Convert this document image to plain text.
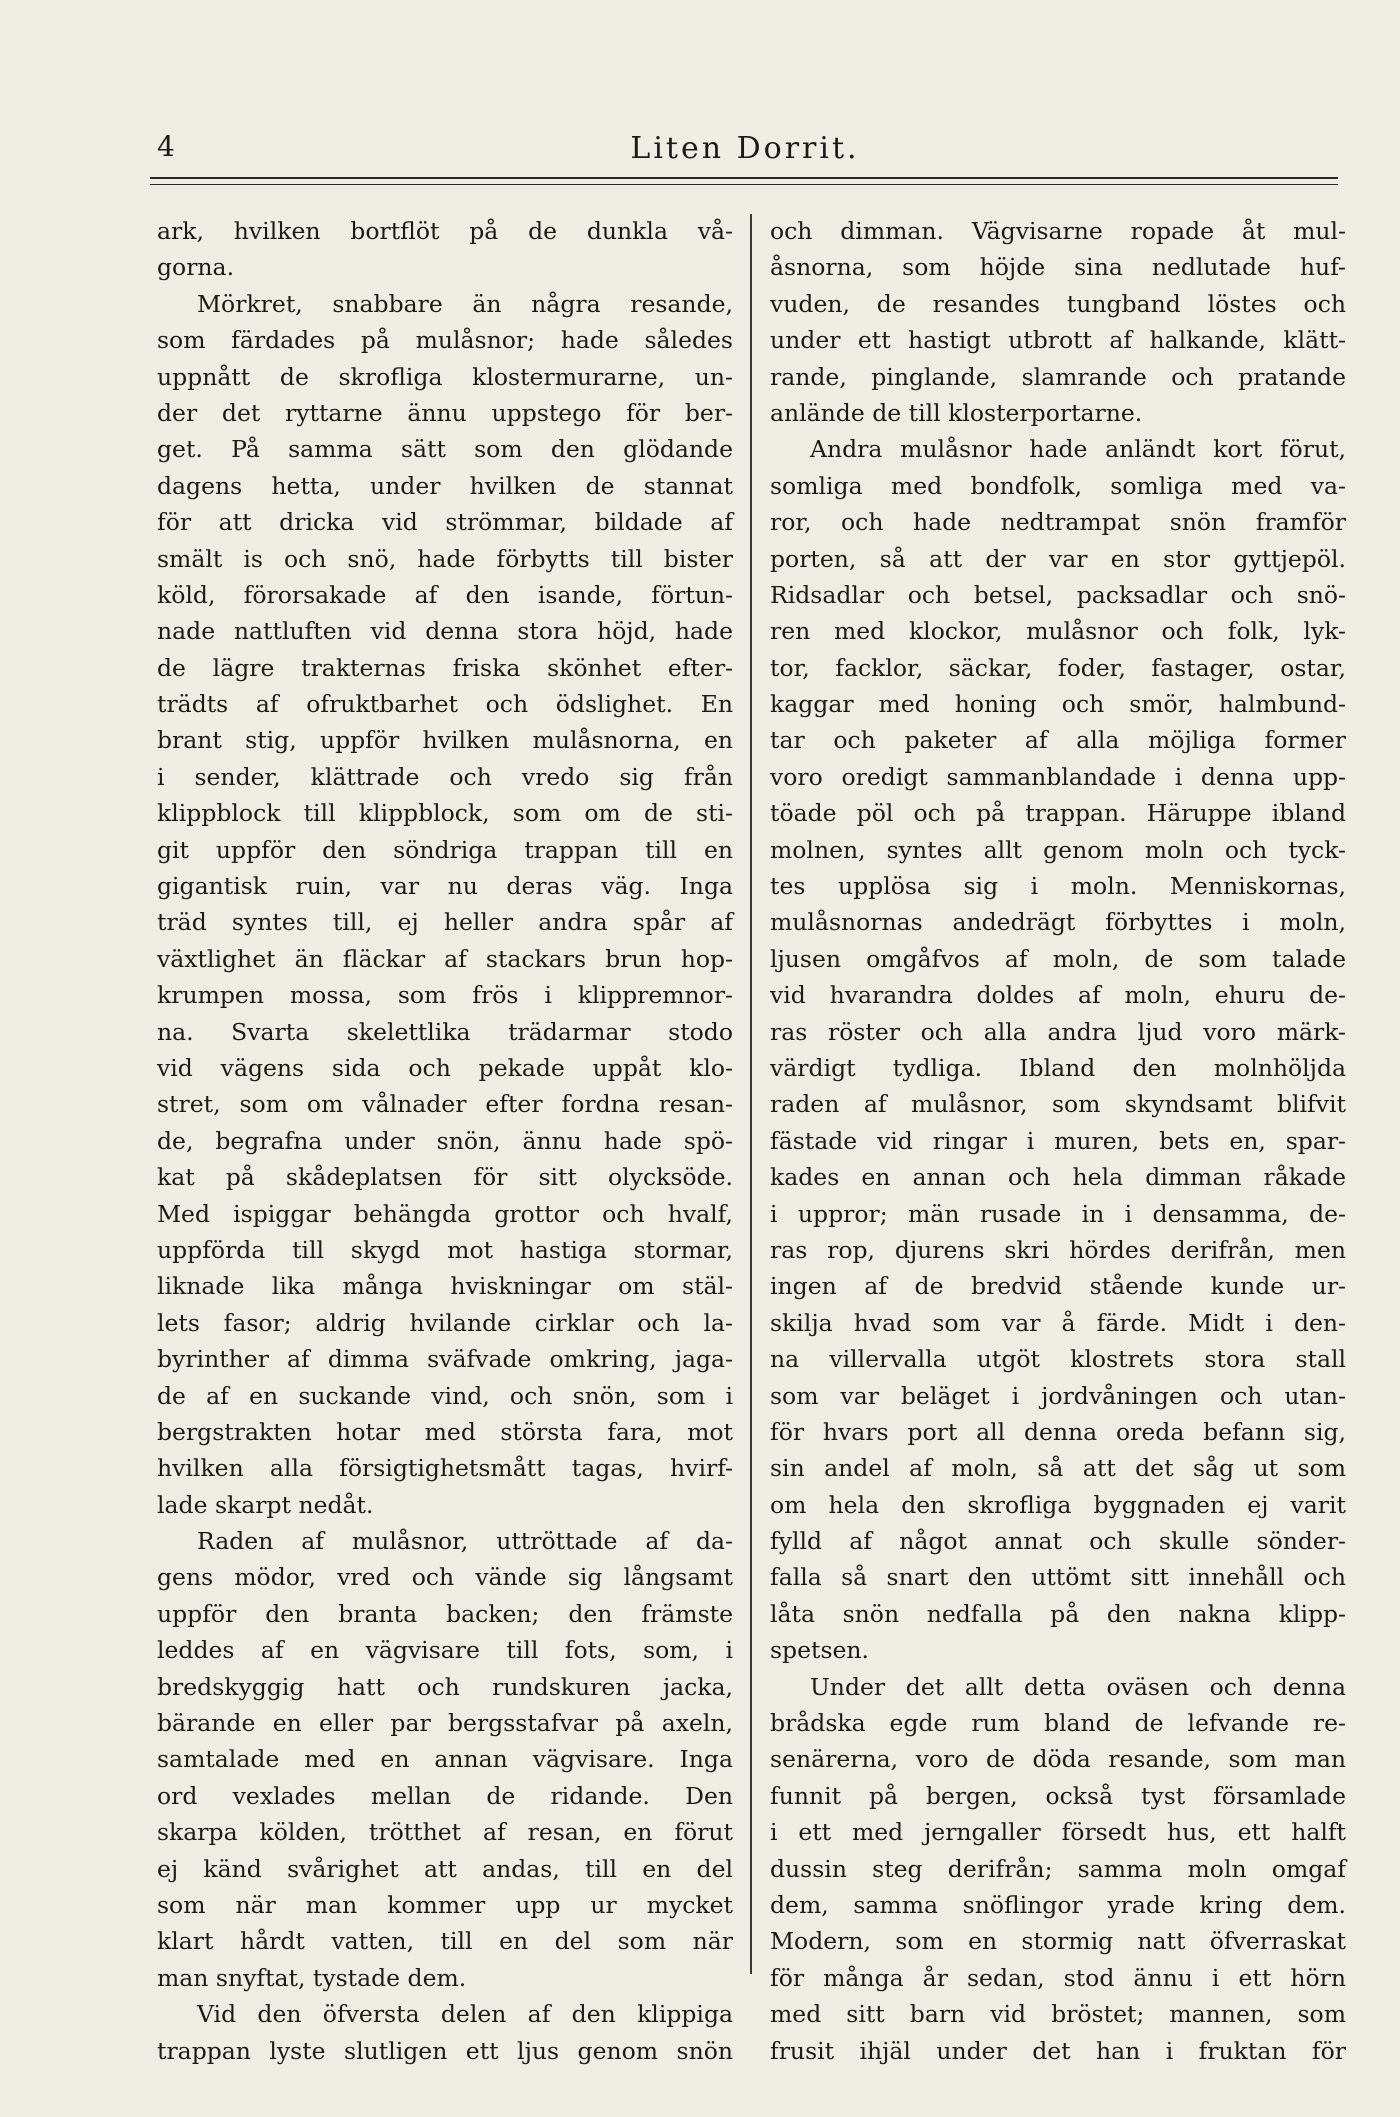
4	Liten Dorrit.
ark, hvilken bortflöt på de dunkla vå-
gorna.
Mörkret, snabbare än några resande,
som färdades på mulåsnor; hade således
uppnått de skrofliga klostermurarne, un-
der det ryttarne ännu uppstego för ber-
get. På samma sätt som den glödande
dagens hetta, under hvilken de stannat
för att dricka vid strömmar, bildade af
smält is och snö, hade förbytts till bister
köld, förorsakade af den isande, förtun-
nade nattluften vid denna stora höjd, hade
de lägre trakternas friska skönhet efter-
trädts af ofruktbarhet och ödslighet. En
brant stig, uppför hvilken mulåsnorna, en
i sender, klättrade och vredo sig från
klippblock till klippblock, som om de sti-
git uppför den söndriga trappan till en
gigantisk ruin, var nu deras väg. Inga
träd syntes till, ej heller andra spår af
växtlighet än fläckar af stackars brun hop-
krumpen mossa, som frös i klippremnor-
na. Svarta skelettlika trädarmar stodo
vid vägens sida och pekade uppåt klo-
stret, som om vålnader efter fordna resan-
de, begrafna under snön, ännu hade spö-
kat på skådeplatsen för sitt olycksöde.
Med ispiggar behängda grottor och hvalf,
uppförda till skygd mot hastiga stormar,
liknade lika många hviskningar om stäl-
lets fasor; aldrig hvilande cirklar och la-
byrinther af dimma sväfvade omkring, jaga-
de af en suckande vind, och snön, som i
bergstrakten hotar med största fara, mot
hvilken alla försigtighetsmått tagas, hvirf-
lade skarpt nedåt.
Raden af mulåsnor, uttröttade af da-
gens mödor, vred och vände sig långsamt
uppför den branta backen; den främste
leddes af en vägvisare till fots, som, i
bredskyggig hatt och rundskuren jacka,
bärande en eller par bergsstafvar på axeln,
samtalade med en annan vägvisare. Inga
ord vexlades mellan de ridande. Den
skarpa kölden, trötthet af resan, en förut
ej känd svårighet att andas, till en del
som när man kommer upp ur mycket
klart hårdt vatten, till en del som när
man snyftat, tystade dem.
Vid den öfversta delen af den klippiga
trappan lyste slutligen ett ljus genom snön
och dimman. Vägvisarne ropade åt mul-
åsnorna, som höjde sina nedlutade huf-
vuden, de resandes tungband löstes och
under ett hastigt utbrott af halkande, klätt-
rande, pinglande, slamrande och pratande
anlände de till klosterportarne.
Andra mulåsnor hade anländt kort förut,
somliga med bondfolk, somliga med va-
ror, och hade nedtrampat snön framför
porten, så att der var en stor gyttjepöl.
Ridsadlar och betsel, packsadlar och snö-
ren med klockor, mulåsnor och folk, lyk-
tor, facklor, säckar, foder, fastager, ostar,
kaggar med honing och smör, halmbund-
tar och paketer af alla möjliga former
voro oredigt sammanblandade i denna upp-
töade pöl och på trappan. Häruppe ibland
molnen, syntes allt genom moln och tyck-
tes upplösa sig i moln. Menniskornas,
mulåsnornas andedrägt förbyttes i moln,
ljusen omgåfvos af moln, de som talade
vid hvarandra doldes af moln, ehuru de-
ras röster och alla andra ljud voro märk-
värdigt tydliga. Ibland den molnhöljda
raden af mulåsnor, som skyndsamt blifvit
fästade vid ringar i muren, bets en, spar-
kades en annan och hela dimman råkade
i uppror; män rusade in i densamma, de-
ras rop, djurens skri hördes derifrån, men
ingen af de bredvid stående kunde ur-
skilja hvad som var å färde. Midt i den-
na villervalla utgöt klostrets stora stall
som var beläget i jordvåningen och utan-
för hvars port all denna oreda befann sig,
sin andel af moln, så att det såg ut som
om hela den skrofliga byggnaden ej varit
fylld af något annat och skulle sönder-
falla så snart den uttömt sitt innehåll och
låta snön nedfalla på den nakna klipp-
spetsen.
Under det allt detta oväsen och denna
brådska egde rum bland de lefvande re-
senärerna, voro de döda resande, som man
funnit på bergen, också tyst församlade
i ett med jerngaller försedt hus, ett halft
dussin steg derifrån; samma moln omgaf
dem, samma snöflingor yrade kring dem.
Modern, som en stormig natt öfverraskat
för många år sedan, stod ännu i ett hörn
med sitt barn vid bröstet; mannen, som
frusit ihjäl under det han i fruktan för
